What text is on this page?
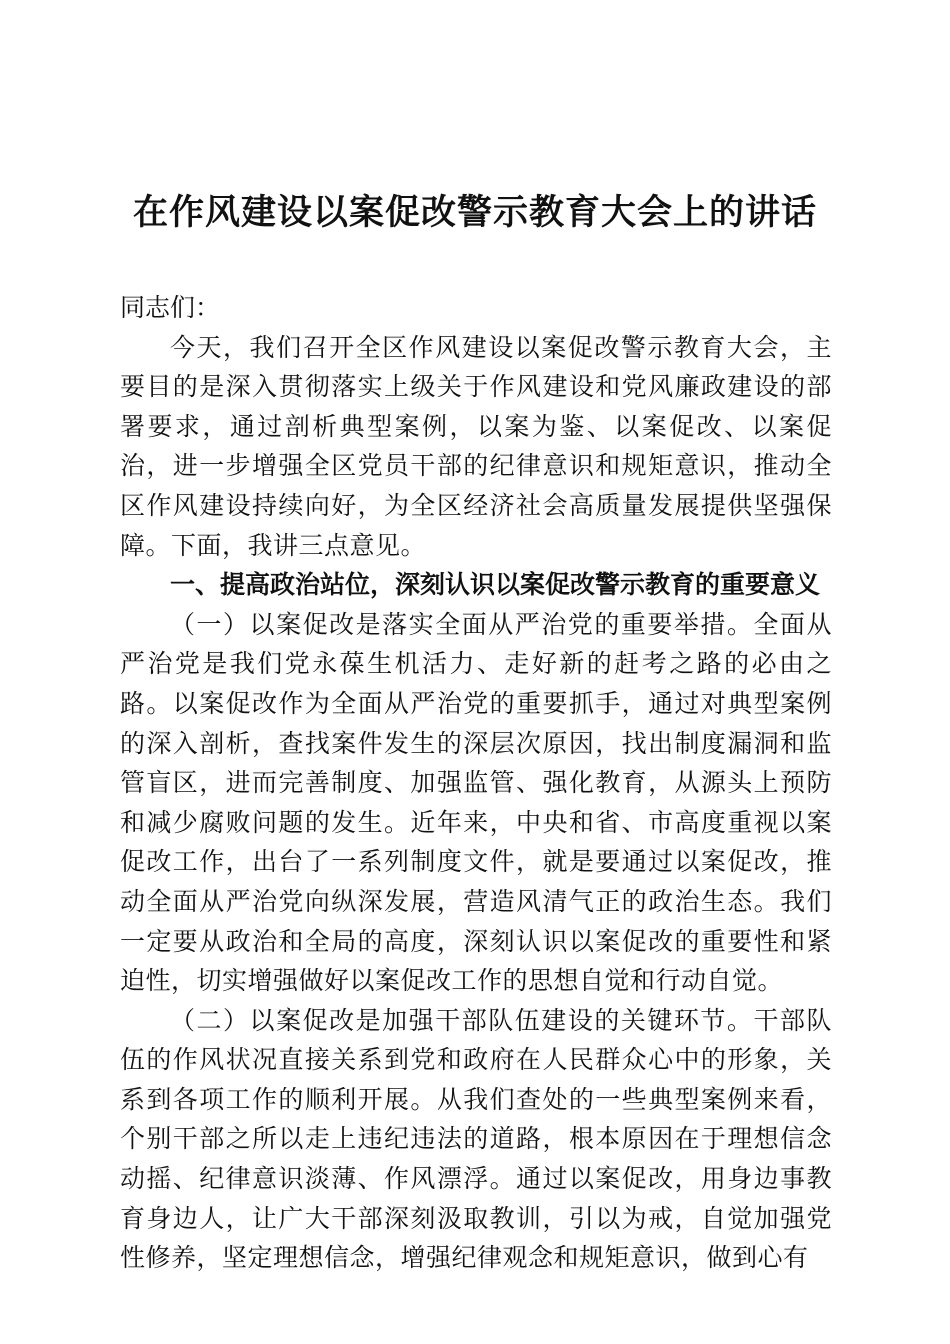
在作风建设以案促改警示教育大会上的讲话

同志们：

今天，我们召开全区作风建设以案促改警示教育大会，主要目的是深入贯彻落实上级关于作风建设和党风廉政建设的部署要求，通过剖析典型案例，以案为鉴、以案促改、以案促治，进一步增强全区党员干部的纪律意识和规矩意识，推动全区作风建设持续向好，为全区经济社会高质量发展提供坚强保障。下面，我讲三点意见。

一、提高政治站位，深刻认识以案促改警示教育的重要意义

（一）以案促改是落实全面从严治党的重要举措。全面从严治党是我们党永葆生机活力、走好新的赶考之路的必由之路。以案促改作为全面从严治党的重要抓手，通过对典型案例的深入剖析，查找案件发生的深层次原因，找出制度漏洞和监管盲区，进而完善制度、加强监管、强化教育，从源头上预防和减少腐败问题的发生。近年来，中央和省、市高度重视以案促改工作，出台了一系列制度文件，就是要通过以案促改，推动全面从严治党向纵深发展，营造风清气正的政治生态。我们一定要从政治和全局的高度，深刻认识以案促改的重要性和紧迫性，切实增强做好以案促改工作的思想自觉和行动自觉。

（二）以案促改是加强干部队伍建设的关键环节。干部队伍的作风状况直接关系到党和政府在人民群众心中的形象，关系到各项工作的顺利开展。从我们查处的一些典型案例来看，个别干部之所以走上违纪违法的道路，根本原因在于理想信念动摇、纪律意识淡薄、作风漂浮。通过以案促改，用身边事教育身边人，让广大干部深刻汲取教训，引以为戒，自觉加强党性修养，坚定理想信念，增强纪律观念和规矩意识，做到心有
